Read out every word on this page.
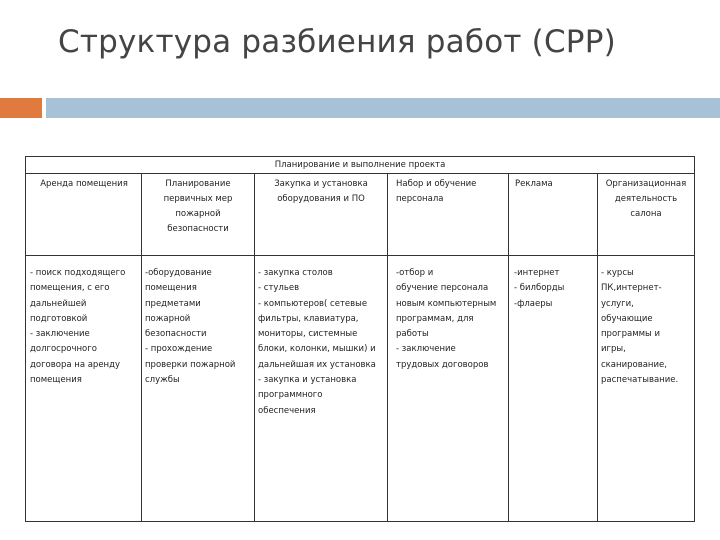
Структура разбиения работ (СРР)
Планирование и выполнение проекта
Аренда помещения	Планирование
первичных мер
пожарной
безопасности
Закупка и установка
оборудования и ПО
Набор и обучение
персонала
Реклама	Организационная
деятельность
салона
- поиск подходящего
помещения, с его
дальнейшей
подготовкой
- заключение
долгосрочного
договора на аренду
помещения
-оборудование
помещения
предметами
пожарной
безопасности
- прохождение
проверки пожарной
службы
- закупка столов
- стульев
- компьютеров( сетевые
фильтры, клавиатура,
мониторы, системные
блоки, колонки, мышки) и
дальнейшая их установка
- закупка и установка
программного
обеспечения
-отбор и
обучение персонала
новым компьютерным
программам, для
работы
- заключение
трудовых договоров
-интернет
- билборды
-флаеры
- курсы
ПК,интернет-
услуги,
обучающие
программы и
игры,
сканирование,
распечатывание.
